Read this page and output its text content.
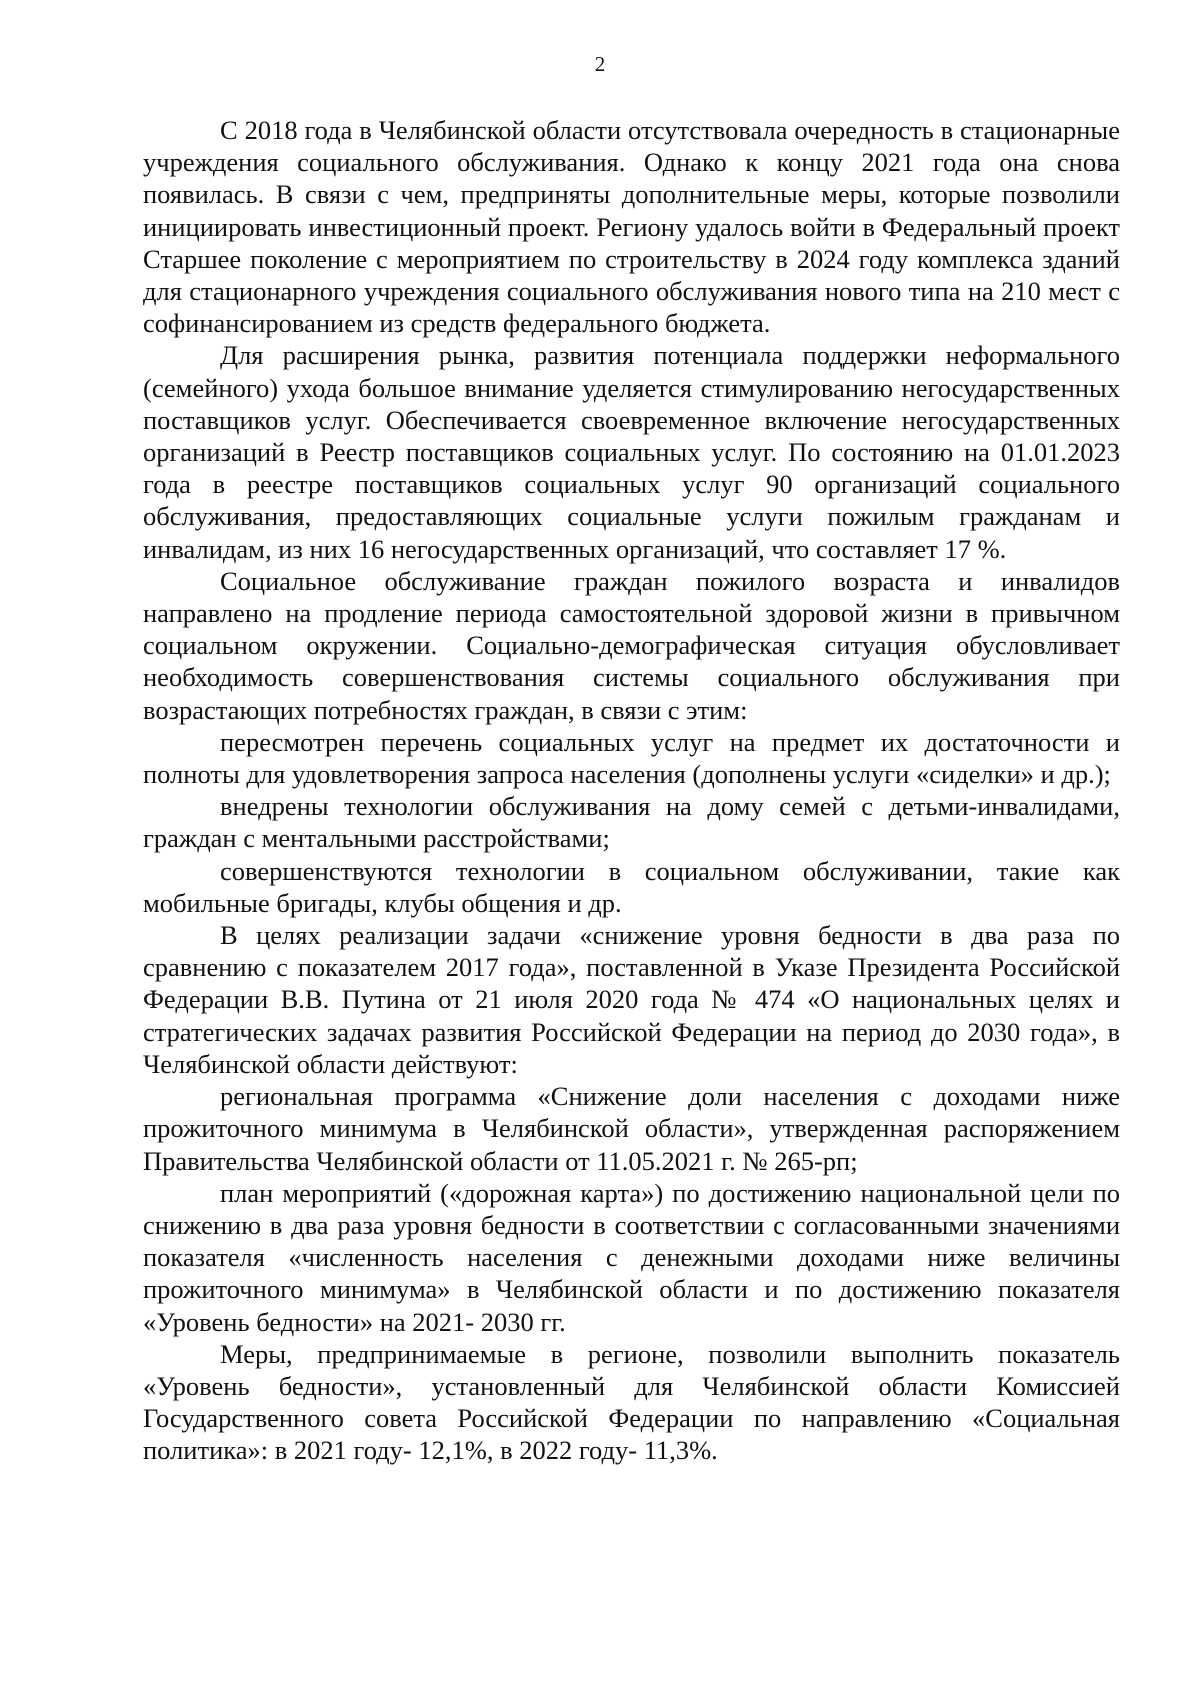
2

С 2018 года в Челябинской области отсутствовала очередность в стационарные учреждения социального обслуживания. Однако к концу 2021 года она снова появилась. В связи с чем, предприняты дополнительные меры, которые позволили инициировать инвестиционный проект. Региону удалось войти в Федеральный проект Старшее поколение с мероприятием по строительству в 2024 году комплекса зданий для стационарного учреждения социального обслуживания нового типа на 210 мест с софинансированием из средств федерального бюджета.

Для расширения рынка, развития потенциала поддержки неформального (семейного) ухода большое внимание уделяется стимулированию негосударственных поставщиков услуг. Обеспечивается своевременное включение негосударственных организаций в Реестр поставщиков социальных услуг. По состоянию на 01.01.2023 года в реестре поставщиков социальных услуг 90 организаций социального обслуживания, предоставляющих социальные услуги пожилым гражданам и инвалидам, из них 16 негосударственных организаций, что составляет 17 %.

Социальное обслуживание граждан пожилого возраста и инвалидов направлено на продление периода самостоятельной здоровой жизни в привычном социальном окружении. Социально-демографическая ситуация обусловливает необходимость совершенствования системы социального обслуживания при возрастающих потребностях граждан, в связи с этим:

пересмотрен перечень социальных услуг на предмет их достаточности и полноты для удовлетворения запроса населения (дополнены услуги «сиделки» и др.);

внедрены технологии обслуживания на дому семей с детьми-инвалидами, граждан с ментальными расстройствами;

совершенствуются технологии в социальном обслуживании, такие как мобильные бригады, клубы общения и др.

В целях реализации задачи «снижение уровня бедности в два раза по сравнению с показателем 2017 года», поставленной в Указе Президента Российской Федерации В.В. Путина от 21 июля 2020 года № 474 «О национальных целях и стратегических задачах развития Российской Федерации на период до 2030 года», в Челябинской области действуют:

региональная программа «Снижение доли населения с доходами ниже прожиточного минимума в Челябинской области», утвержденная распоряжением Правительства Челябинской области от 11.05.2021 г. № 265-рп;

план мероприятий («дорожная карта») по достижению национальной цели по снижению в два раза уровня бедности в соответствии с согласованными значениями показателя «численность населения с денежными доходами ниже величины прожиточного минимума» в Челябинской области и по достижению показателя «Уровень бедности» на 2021- 2030 гг.

Меры, предпринимаемые в регионе, позволили выполнить показатель «Уровень бедности», установленный для Челябинской области Комиссией Государственного совета Российской Федерации по направлению «Социальная политика»: в 2021 году- 12,1%, в 2022 году- 11,3%.
